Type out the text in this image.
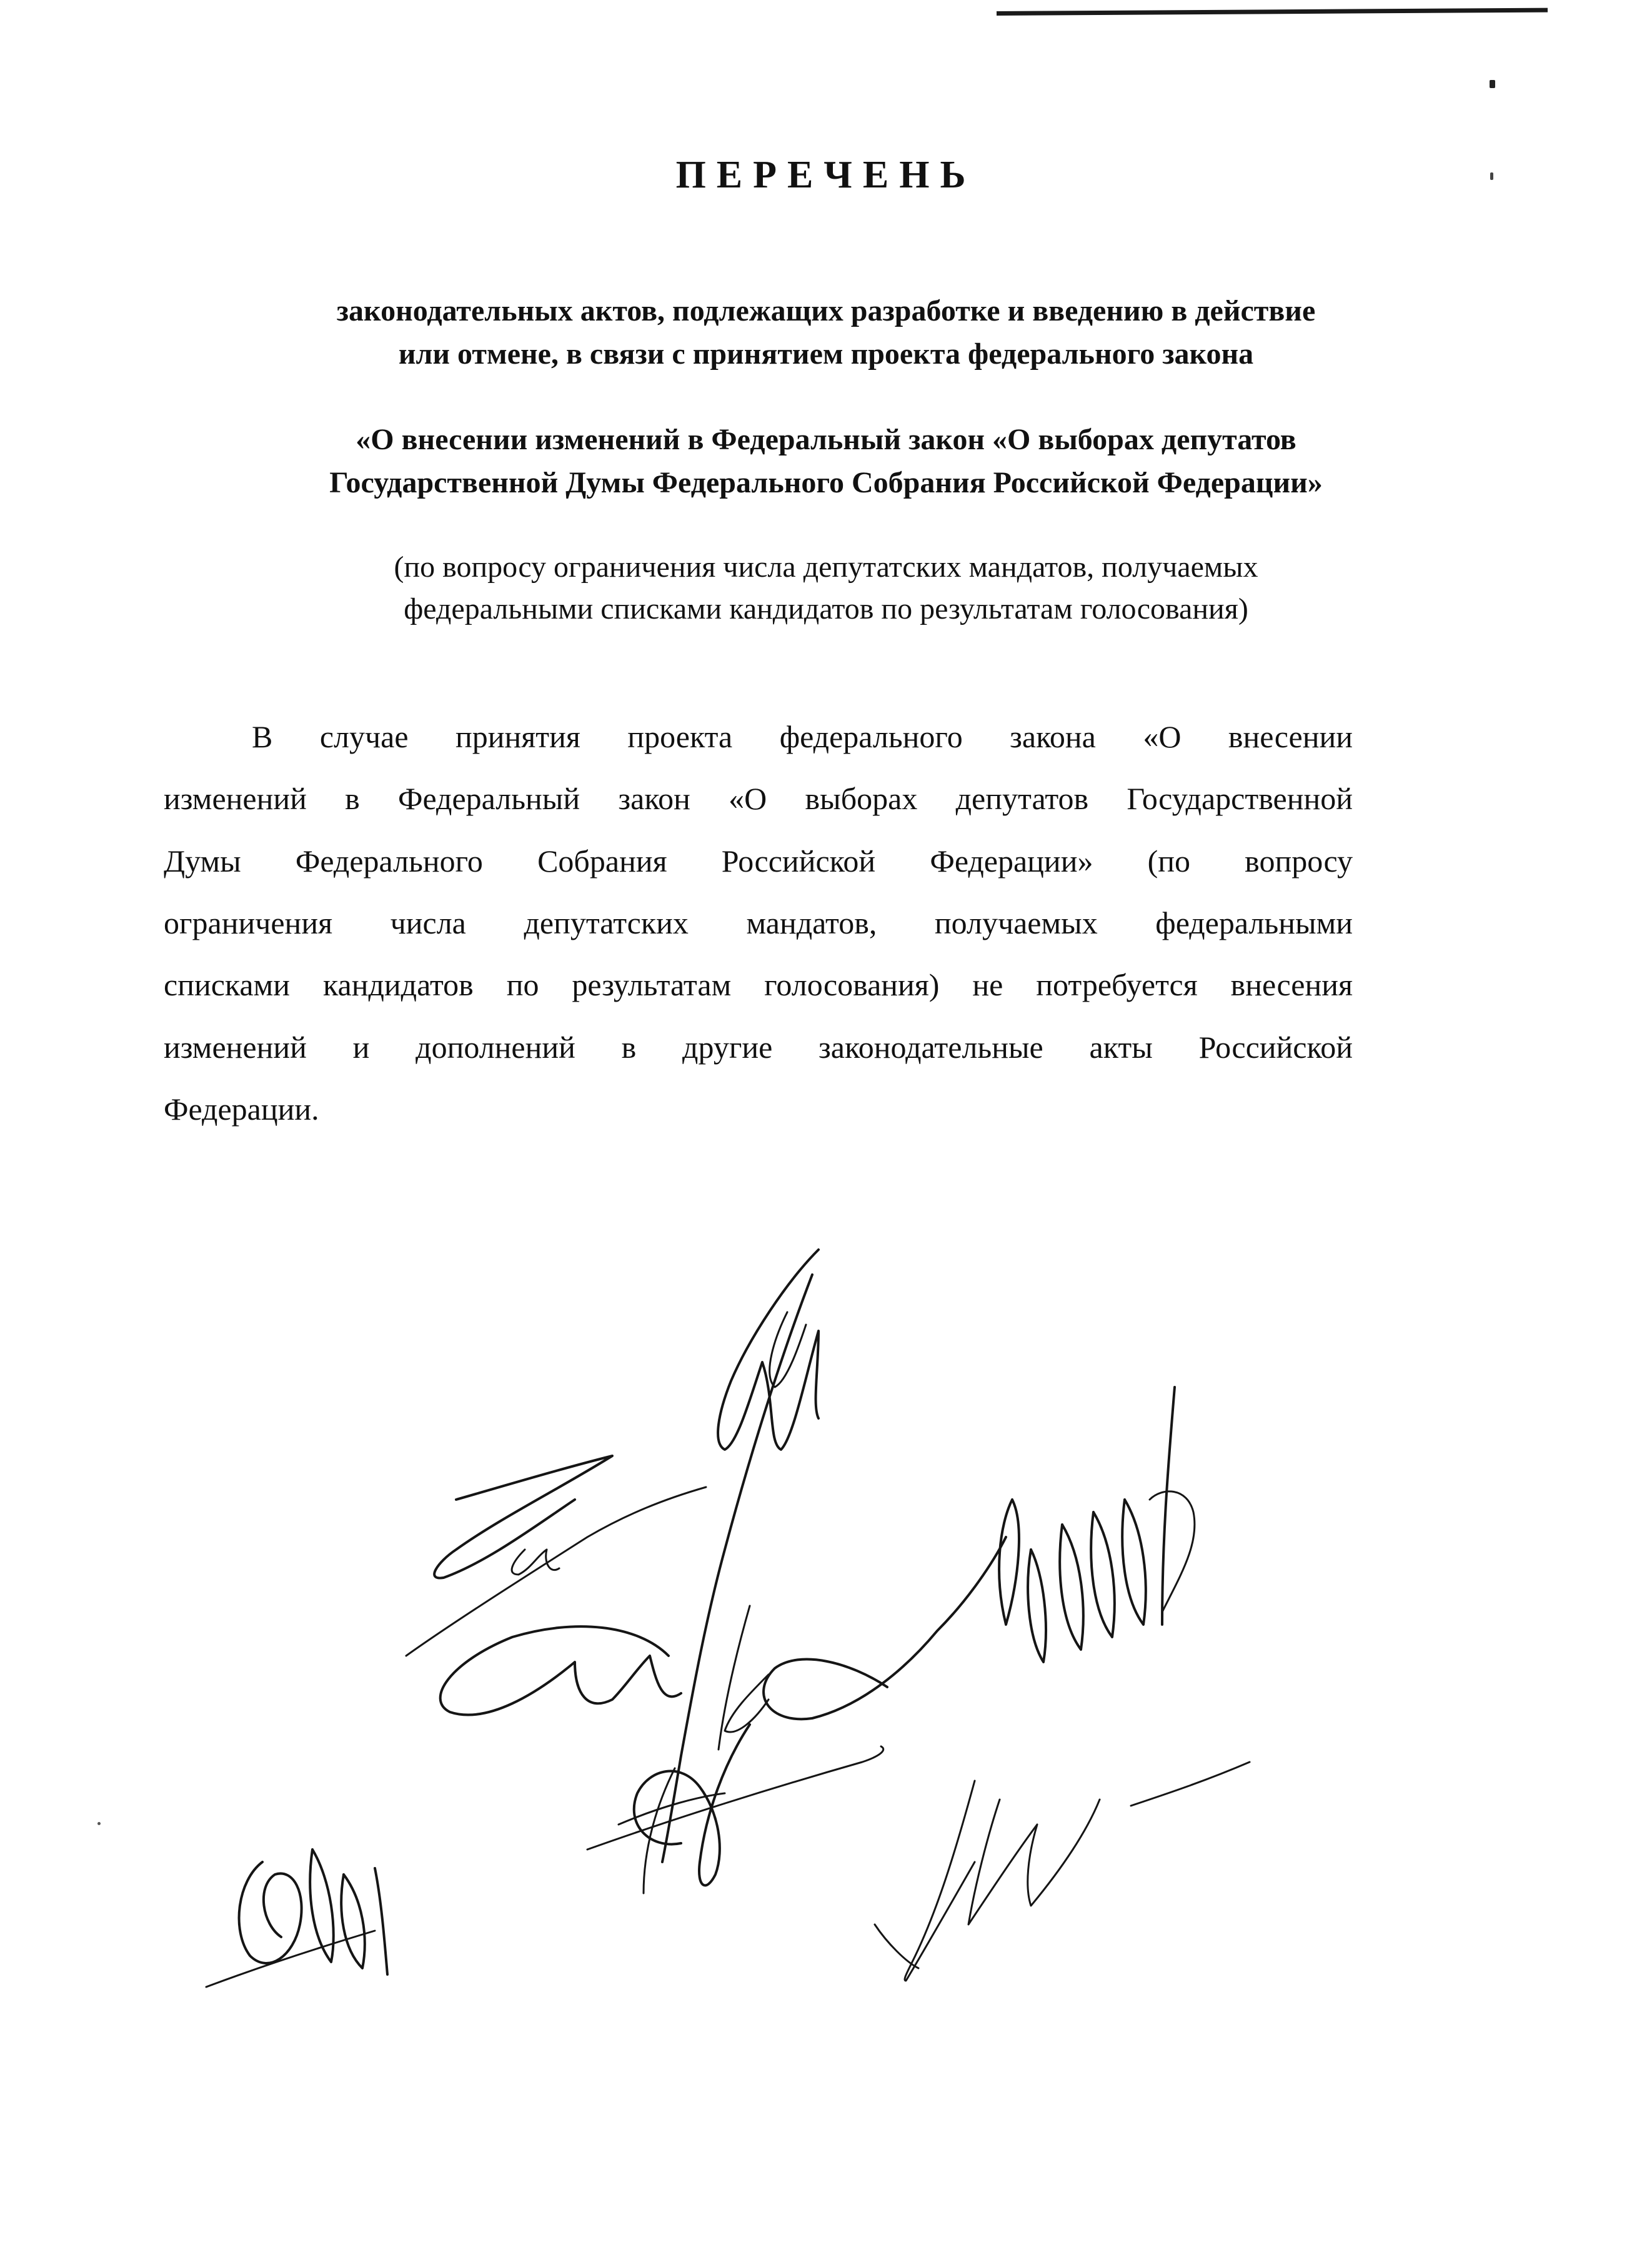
ПЕРЕЧЕНЬ
законодательных актов, подлежащих разработке и введению в действие
или отмене, в связи с принятием проекта федерального закона
«О внесении изменений в Федеральный закон «О выборах депутатов
Государственной Думы Федерального Собрания Российской Федерации»
(по вопросу ограничения числа депутатских мандатов, получаемых
федеральными списками кандидатов по результатам голосования)
В случае принятия проекта федерального закона «О внесении
изменений в Федеральный закон «О выборах депутатов Государственной
Думы Федерального Собрания Российской Федерации» (по вопросу
ограничения числа депутатских мандатов, получаемых федеральными
списками кандидатов по результатам голосования) не потребуется внесения
изменений и дополнений в другие законодательные акты Российской
Федерации.
